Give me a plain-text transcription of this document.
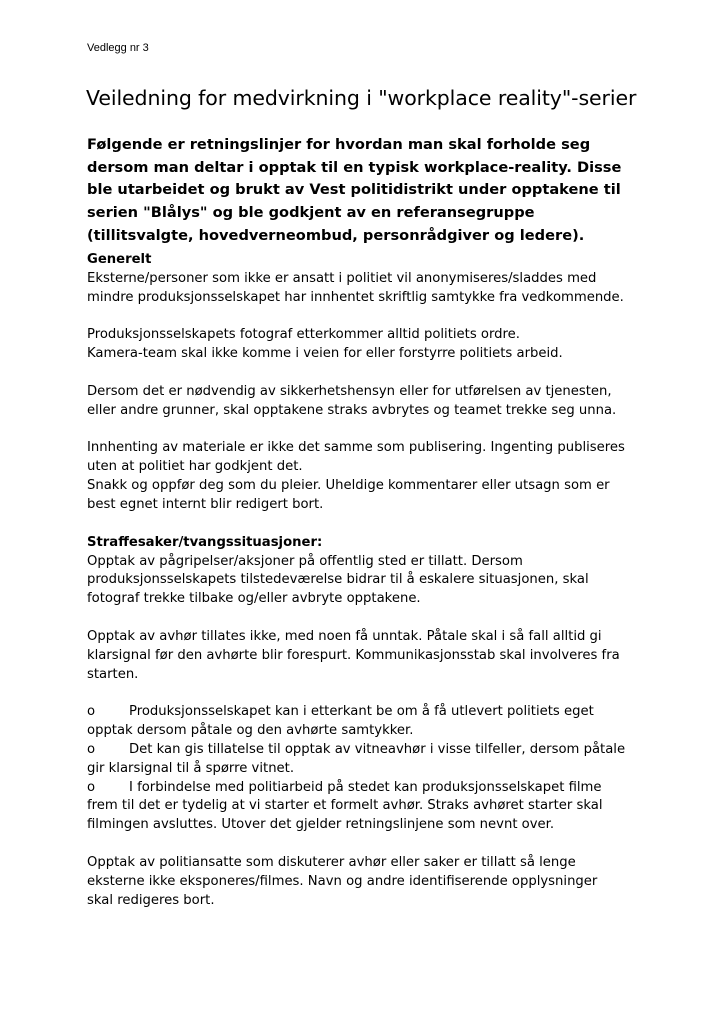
Vedlegg nr 3
Veiledning for medvirkning i "workplace reality"-serier
Følgende er retningslinjer for hvordan man skal forholde seg
dersom man deltar i opptak til en typisk workplace-reality. Disse
ble utarbeidet og brukt av Vest politidistrikt under opptakene til
serien "Blålys" og ble godkjent av en referansegruppe
(tillitsvalgte, hovedverneombud, personrådgiver og ledere).
Generelt
Eksterne/personer som ikke er ansatt i politiet vil anonymiseres/sladdes med
mindre produksjonsselskapet har innhentet skriftlig samtykke fra vedkommende.
Produksjonsselskapets fotograf etterkommer alltid politiets ordre.
Kamera-team skal ikke komme i veien for eller forstyrre politiets arbeid.
Dersom det er nødvendig av sikkerhetshensyn eller for utførelsen av tjenesten,
eller andre grunner, skal opptakene straks avbrytes og teamet trekke seg unna.
Innhenting av materiale er ikke det samme som publisering. Ingenting publiseres
uten at politiet har godkjent det.
Snakk og oppfør deg som du pleier. Uheldige kommentarer eller utsagn som er
best egnet internt blir redigert bort.
Straffesaker/tvangssituasjoner:
Opptak av pågripelser/aksjoner på offentlig sted er tillatt. Dersom
produksjonsselskapets tilstedeværelse bidrar til å eskalere situasjonen, skal
fotograf trekke tilbake og/eller avbryte opptakene.
Opptak av avhør tillates ikke, med noen få unntak. Påtale skal i så fall alltid gi
klarsignal før den avhørte blir forespurt. Kommunikasjonsstab skal involveres fra
starten.
o	Produksjonsselskapet kan i etterkant be om å få utlevert politiets eget
opptak dersom påtale og den avhørte samtykker.
o	Det kan gis tillatelse til opptak av vitneavhør i visse tilfeller, dersom påtale
gir klarsignal til å spørre vitnet.
o	I forbindelse med politiarbeid på stedet kan produksjonsselskapet filme
frem til det er tydelig at vi starter et formelt avhør. Straks avhøret starter skal
filmingen avsluttes. Utover det gjelder retningslinjene som nevnt over.
Opptak av politiansatte som diskuterer avhør eller saker er tillatt så lenge
eksterne ikke eksponeres/filmes. Navn og andre identifiserende opplysninger
skal redigeres bort.
